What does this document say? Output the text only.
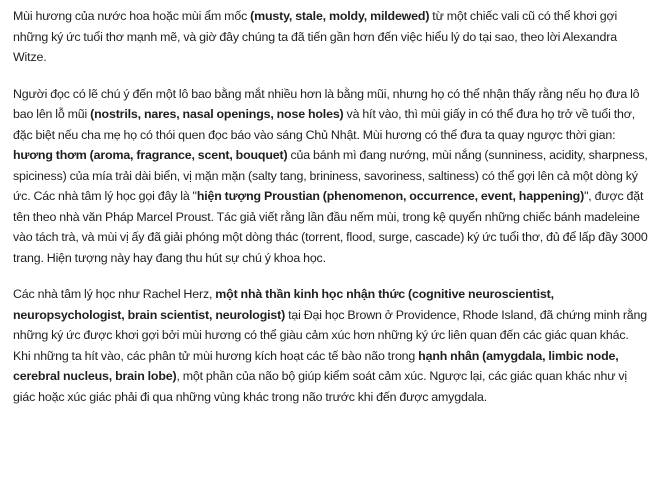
Mùi hương của nước hoa hoặc mùi ẩm mốc (musty, stale, moldy, mildewed) từ một chiếc vali cũ có thể khơi gợi những ký ức tuổi thơ mạnh mẽ, và giờ đây chúng ta đã tiến gần hơn đến việc hiểu lý do tại sao, theo lời Alexandra Witze.

Người đọc có lẽ chú ý đến một lô bao bằng mắt nhiều hơn là bằng mũi, nhưng họ có thể nhận thấy rằng nếu họ đưa lô bao lên lỗ mũi (nostrils, nares, nasal openings, nose holes) và hít vào, thì mùi giấy in có thể đưa họ trở về tuổi thơ, đặc biệt nếu cha mẹ họ có thói quen đọc báo vào sáng Chủ Nhật. Mùi hương có thể đưa ta quay ngược thời gian: hương thơm (aroma, fragrance, scent, bouquet) của bánh mì đang nướng, mùi nắng (sunniness, acidity, sharpness, spiciness) của mía trải dài biển, vị mặn mặn (salty tang, brininess, savoriness, saltiness) có thể gợi lên cả một dòng ký ức. Các nhà tâm lý học gọi đây là "hiện tượng Proustian (phenomenon, occurrence, event, happening)", được đặt tên theo nhà văn Pháp Marcel Proust. Tác giả viết rằng lần đầu nếm mùi, trong kệ quyển những chiếc bánh madeleine vào tách trà, và mùi vị ấy đã giải phóng một dòng thác (torrent, flood, surge, cascade) ký ức tuổi thơ, đủ để lấp đầy 3000 trang. Hiện tượng này hay đang thu hút sự chú ý khoa học.

Các nhà tâm lý học như Rachel Herz, một nhà thần kinh học nhận thức (cognitive neuroscientist, neuropsychologist, brain scientist, neurologist) tại Đại học Brown ở Providence, Rhode Island, đã chứng minh rằng những ký ức được khơi gợi bởi mùi hương có thể giàu cảm xúc hơn những ký ức liên quan đến các giác quan khác. Khi những ta hít vào, các phân tử mùi hương kích hoạt các tế bào não trong hạnh nhân (amygdala, limbic node, cerebral nucleus, brain lobe), một phần của não bộ giúp kiểm soát cảm xúc. Ngược lại, các giác quan khác như vị giác hoặc xúc giác phải đi qua những vùng khác trong não trước khi đến được amygdala.
